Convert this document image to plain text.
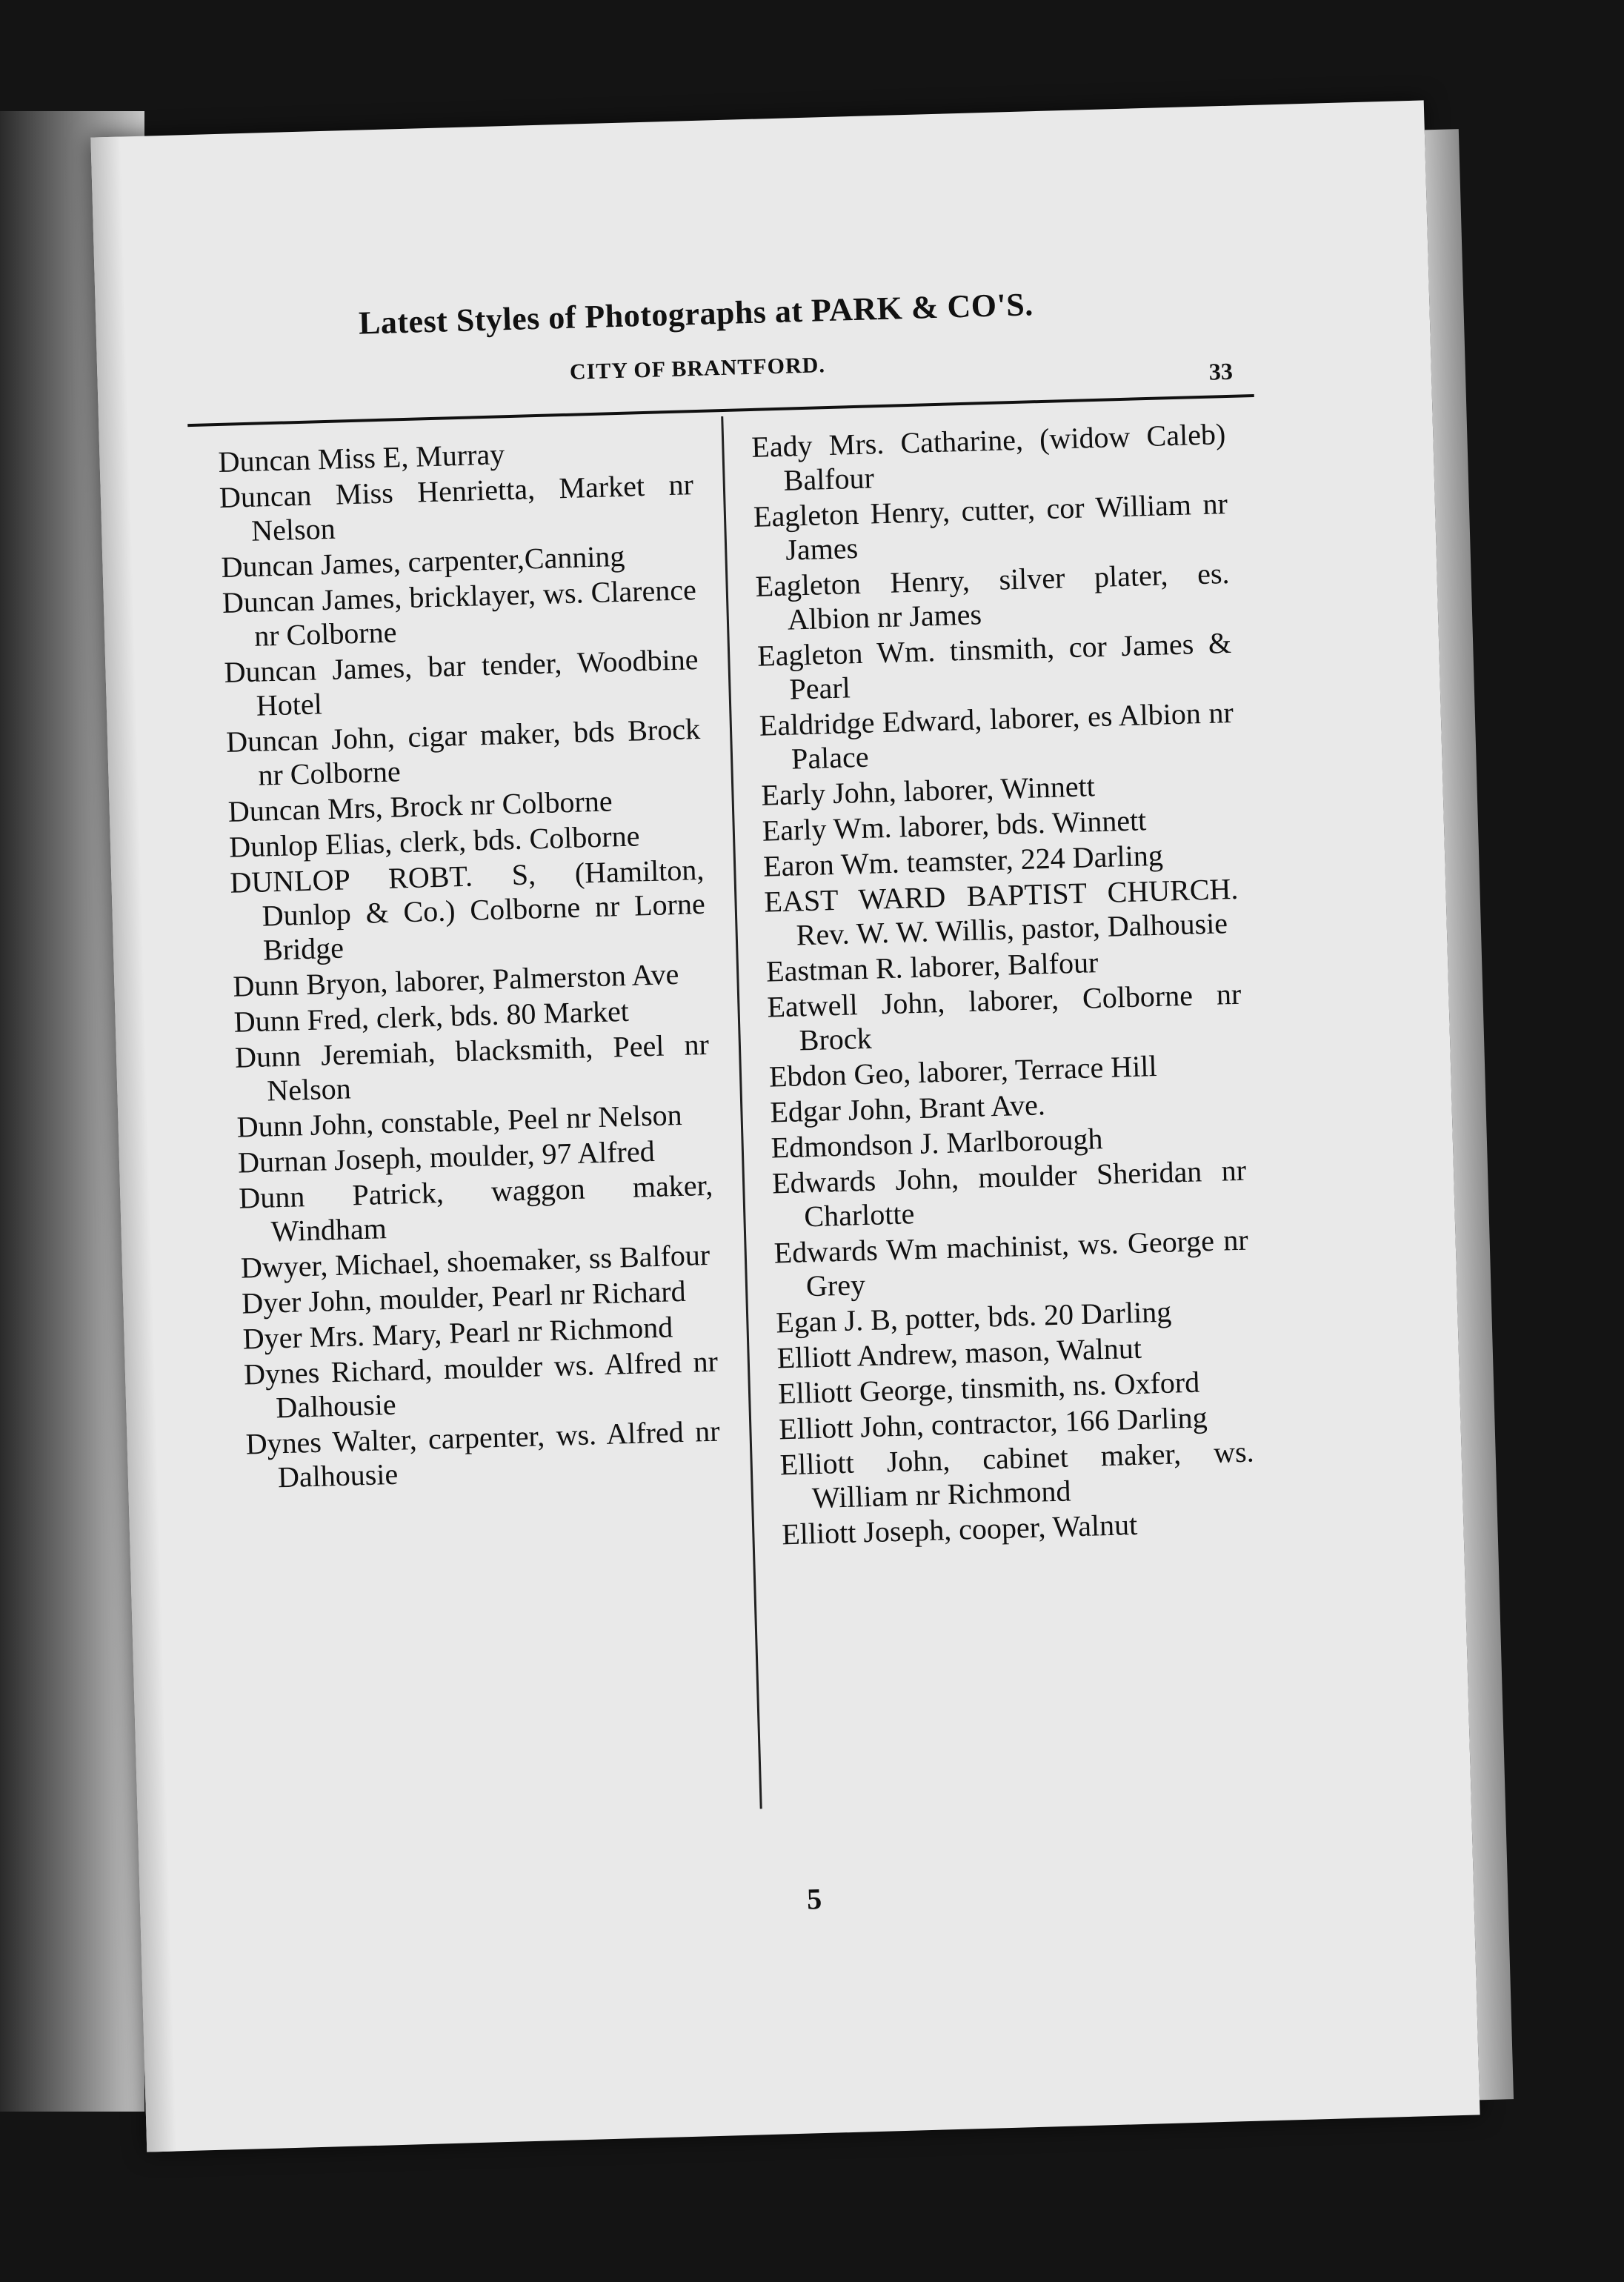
Latest Styles of Photographs at PARK & CO'S.
CITY OF BRANTFORD.	33

Duncan Miss E, Murray

Duncan Miss Henrietta, Market nr Nelson

Duncan James, carpenter,Canning

Duncan James, bricklayer, ws. Clarence nr Colborne

Duncan James, bar tender, Woodbine Hotel

Duncan John, cigar maker, bds Brock nr Colborne

Duncan Mrs, Brock nr Colborne

Dunlop Elias, clerk, bds. Colborne

DUNLOP ROBT. S, (Hamilton, Dunlop & Co.) Colborne nr Lorne Bridge

Dunn Bryon, laborer, Palmerston Ave

Dunn Fred, clerk, bds. 80 Market

Dunn Jeremiah, blacksmith, Peel nr Nelson

Dunn John, constable, Peel nr Nelson

Durnan Joseph, moulder, 97 Alfred

Dunn Patrick, waggon maker, Windham

Dwyer, Michael, shoemaker, ss Balfour

Dyer John, moulder, Pearl nr Richard

Dyer Mrs. Mary, Pearl nr Richmond

Dynes Richard, moulder ws. Alfred nr Dalhousie

Dynes Walter, carpenter, ws. Alfred nr Dalhousie

Eady Mrs. Catharine, (widow Caleb) Balfour

Eagleton Henry, cutter, cor William nr James

Eagleton Henry, silver plater, es. Albion nr James

Eagleton Wm. tinsmith, cor James & Pearl

Ealdridge Edward, laborer, es Albion nr Palace

Early John, laborer, Winnett

Early Wm. laborer, bds. Winnett

Earon Wm. teamster, 224 Darling

EAST WARD BAPTIST CHURCH. Rev. W. W. Willis, pastor, Dalhousie

Eastman R. laborer, Balfour

Eatwell John, laborer, Colborne nr Brock

Ebdon Geo, laborer, Terrace Hill

Edgar John, Brant Ave.

Edmondson J. Marlborough

Edwards John, moulder Sheridan nr Charlotte

Edwards Wm machinist, ws. George nr Grey

Egan J. B, potter, bds. 20 Darling

Elliott Andrew, mason, Walnut

Elliott George, tinsmith, ns. Oxford

Elliott John, contractor, 166 Darling

Elliott John, cabinet maker, ws. William nr Richmond

Elliott Joseph, cooper, Walnut

5
